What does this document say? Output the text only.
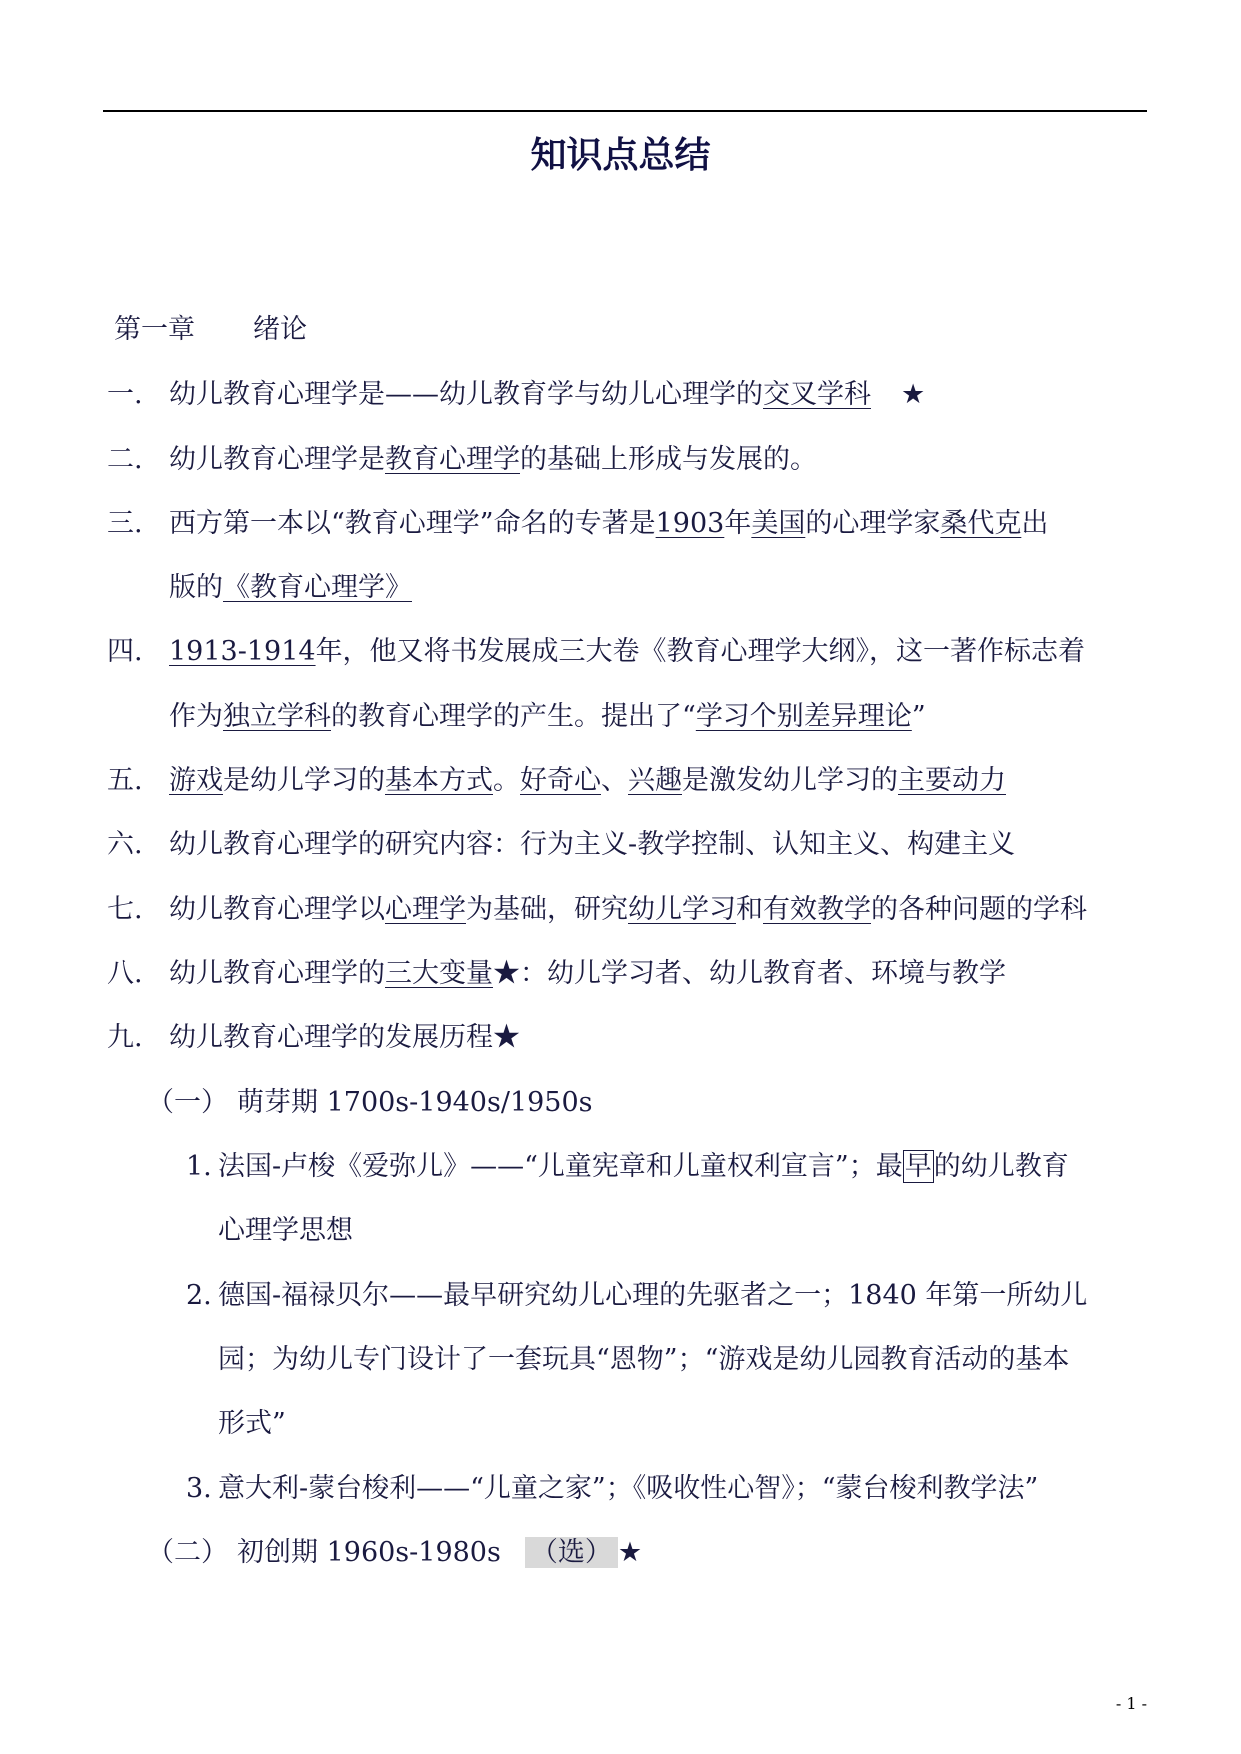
知识点总结
第一章 绪论
一. 幼儿教育心理学是——幼儿教育学与幼儿心理学的交叉学科 ★
二. 幼儿教育心理学是教育心理学的基础上形成与发展的。
三. 西方第一本以“教育心理学”命名的专著是1903年美国的心理学家桑代克出
版的《教育心理学》
四. 1913-1914年，他又将书发展成三大卷《教育心理学大纲》，这一著作标志着
作为独立学科的教育心理学的产生。提出了“学习个别差异理论”
五. 游戏是幼儿学习的基本方式。好奇心、兴趣是激发幼儿学习的主要动力
六. 幼儿教育心理学的研究内容：行为主义-教学控制、认知主义、构建主义
七. 幼儿教育心理学以心理学为基础，研究幼儿学习和有效教学的各种问题的学科
八. 幼儿教育心理学的三大变量★：幼儿学习者、幼儿教育者、环境与教学
九. 幼儿教育心理学的发展历程★
（一） 萌芽期 1700s-1940s/1950s
1. 法国-卢梭《爱弥儿》——“儿童宪章和儿童权利宣言”；最早的幼儿教育
心理学思想
2. 德国-福禄贝尔——最早研究幼儿心理的先驱者之一；1840 年第一所幼儿
园；为幼儿专门设计了一套玩具“恩物”；“游戏是幼儿园教育活动的基本
形式”
3. 意大利-蒙台梭利——“儿童之家”；《吸收性心智》；“蒙台梭利教学法”
（二） 初创期 1960s-1980s （选） ★
- 1 -
